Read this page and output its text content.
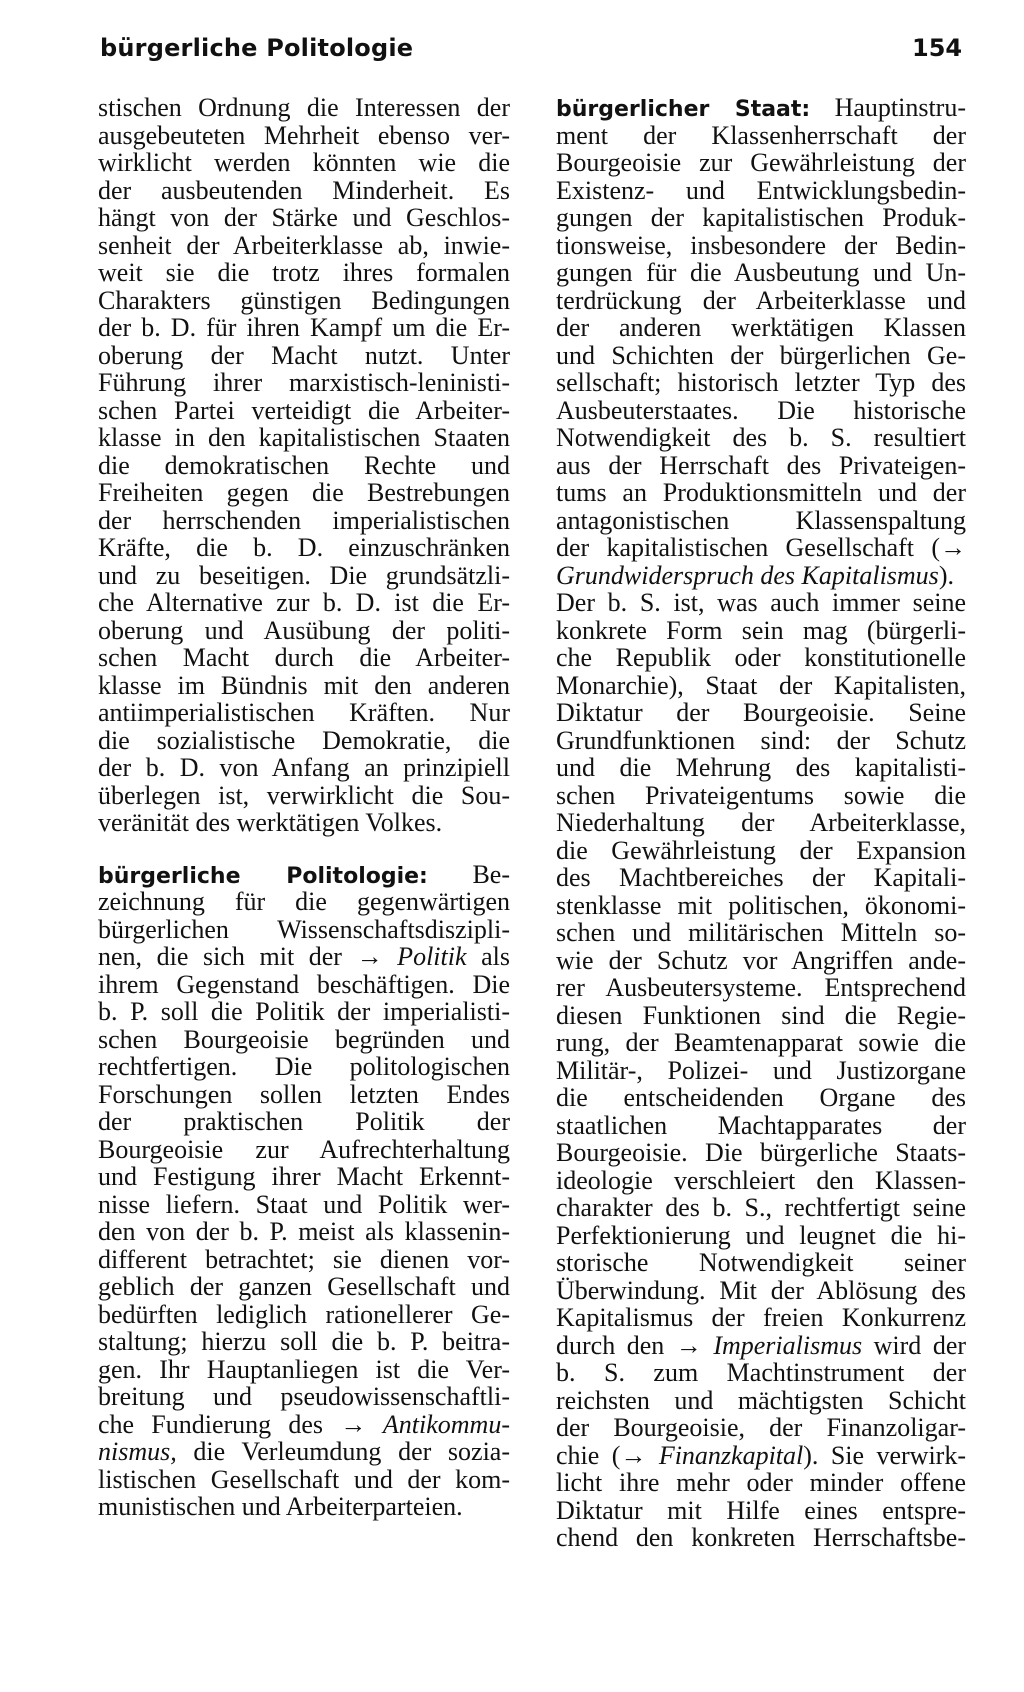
bürgerliche Politologie	154
stischen Ordnung die Interessen der
ausgebeuteten Mehrheit ebenso ver-
wirklicht werden könnten wie die
der ausbeutenden Minderheit. Es
hängt von der Stärke und Geschlos-
senheit der Arbeiterklasse ab, inwie-
weit sie die trotz ihres formalen
Charakters günstigen Bedingungen
der b. D. für ihren Kampf um die Er-
oberung der Macht nutzt. Unter
Führung ihrer marxistisch-leninisti-
schen Partei verteidigt die Arbeiter-
klasse in den kapitalistischen Staaten
die demokratischen Rechte und
Freiheiten gegen die Bestrebungen
der herrschenden imperialistischen
Kräfte, die b. D. einzuschränken
und zu beseitigen. Die grundsätzli-
che Alternative zur b. D. ist die Er-
oberung und Ausübung der politi-
schen Macht durch die Arbeiter-
klasse im Bündnis mit den anderen
antiimperialistischen Kräften. Nur
die sozialistische Demokratie, die
der b. D. von Anfang an prinzipiell
überlegen ist, verwirklicht die Sou-
veränität des werktätigen Volkes.
bürgerliche Politologie: Be-
zeichnung für die gegenwärtigen
bürgerlichen Wissenschaftsdiszipli-
nen, die sich mit der → Politik als
ihrem Gegenstand beschäftigen. Die
b. P. soll die Politik der imperialisti-
schen Bourgeoisie begründen und
rechtfertigen. Die politologischen
Forschungen sollen letzten Endes
der praktischen Politik der
Bourgeoisie zur Aufrechterhaltung
und Festigung ihrer Macht Erkennt-
nisse liefern. Staat und Politik wer-
den von der b. P. meist als klassenin-
different betrachtet; sie dienen vor-
geblich der ganzen Gesellschaft und
bedürften lediglich rationellerer Ge-
staltung; hierzu soll die b. P. beitra-
gen. Ihr Hauptanliegen ist die Ver-
breitung und pseudowissenschaftli-
che Fundierung des → Antikommu-
nismus, die Verleumdung der sozia-
listischen Gesellschaft und der kom-
munistischen und Arbeiterparteien.
bürgerlicher Staat: Hauptinstru-
ment der Klassenherrschaft der
Bourgeoisie zur Gewährleistung der
Existenz- und Entwicklungsbedin-
gungen der kapitalistischen Produk-
tionsweise, insbesondere der Bedin-
gungen für die Ausbeutung und Un-
terdrückung der Arbeiterklasse und
der anderen werktätigen Klassen
und Schichten der bürgerlichen Ge-
sellschaft; historisch letzter Typ des
Ausbeuterstaates. Die historische
Notwendigkeit des b. S. resultiert
aus der Herrschaft des Privateigen-
tums an Produktionsmitteln und der
antagonistischen Klassenspaltung
der kapitalistischen Gesellschaft (→
Grundwiderspruch des Kapitalismus).
Der b. S. ist, was auch immer seine
konkrete Form sein mag (bürgerli-
che Republik oder konstitutionelle
Monarchie), Staat der Kapitalisten,
Diktatur der Bourgeoisie. Seine
Grundfunktionen sind: der Schutz
und die Mehrung des kapitalisti-
schen Privateigentums sowie die
Niederhaltung der Arbeiterklasse,
die Gewährleistung der Expansion
des Machtbereiches der Kapitali-
stenklasse mit politischen, ökonomi-
schen und militärischen Mitteln so-
wie der Schutz vor Angriffen ande-
rer Ausbeutersysteme. Entsprechend
diesen Funktionen sind die Regie-
rung, der Beamtenapparat sowie die
Militär-, Polizei- und Justizorgane
die entscheidenden Organe des
staatlichen Machtapparates der
Bourgeoisie. Die bürgerliche Staats-
ideologie verschleiert den Klassen-
charakter des b. S., rechtfertigt seine
Perfektionierung und leugnet die hi-
storische Notwendigkeit seiner
Überwindung. Mit der Ablösung des
Kapitalismus der freien Konkurrenz
durch den → Imperialismus wird der
b. S. zum Machtinstrument der
reichsten und mächtigsten Schicht
der Bourgeoisie, der Finanzoligar-
chie (→ Finanzkapital). Sie verwirk-
licht ihre mehr oder minder offene
Diktatur mit Hilfe eines entspre-
chend den konkreten Herrschaftsbe-
